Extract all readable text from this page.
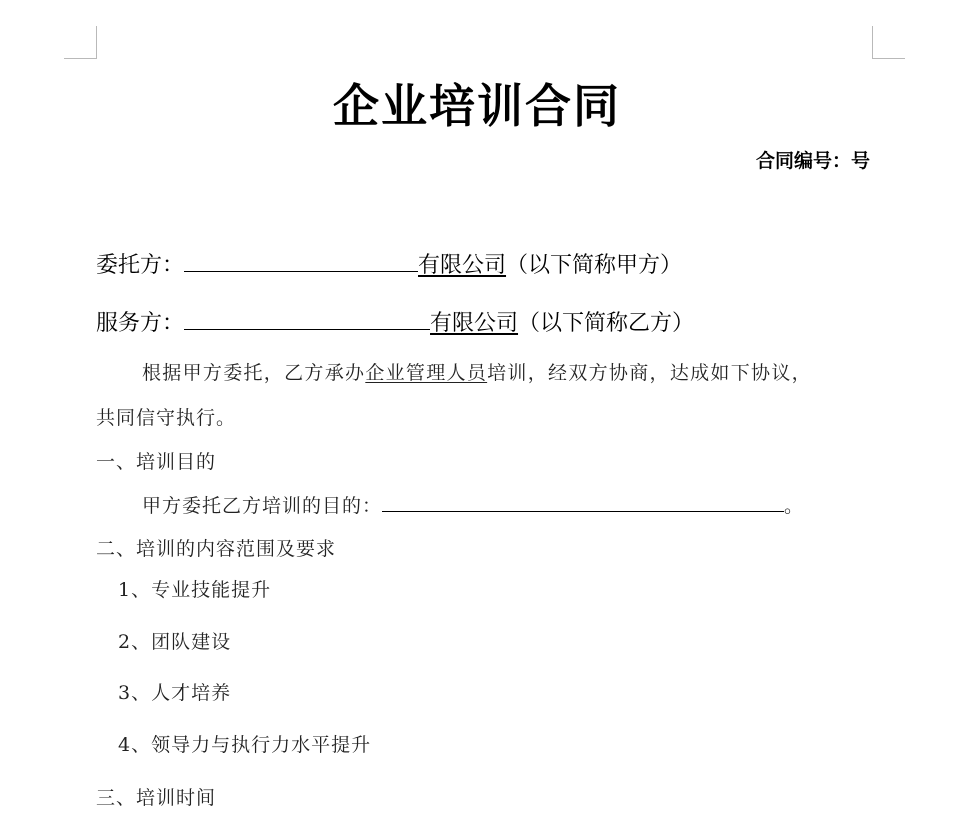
企业培训合同
合同编号：号
委托方：	有限公司（以下简称甲方）
服务方：	有限公司（以下简称乙方）
根据甲方委托，乙方承办企业管理人员培训，经双方协商，达成如下协议，
共同信守执行。
一、培训目的
甲方委托乙方培训的目的：	。
二、培训的内容范围及要求
1、专业技能提升
2、团队建设
3、人才培养
4、领导力与执行力水平提升
三、培训时间
